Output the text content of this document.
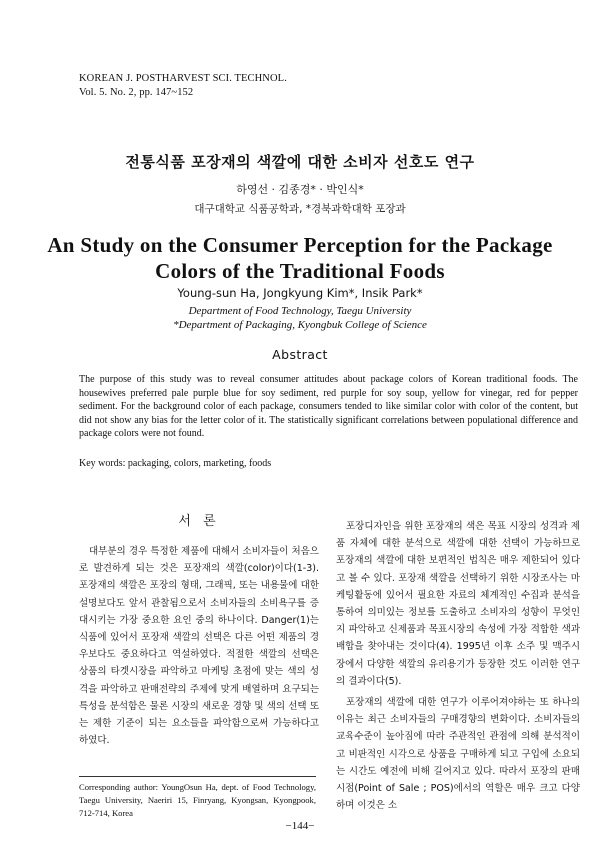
KOREAN J. POSTHARVEST SCI. TECHNOL.
Vol. 5. No. 2, pp. 147~152
전통식품 포장재의 색깔에 대한 소비자 선호도 연구
하영선 · 김종경* · 박인식*
대구대학교 식품공학과, *경북과학대학 포장과
An Study on the Consumer Perception for the Package Colors of the Traditional Foods
Young-sun Ha, Jongkyung Kim*, Insik Park*
Department of Food Technology, Taegu University
*Department of Packaging, Kyongbuk College of Science
Abstract
The purpose of this study was to reveal consumer attitudes about package colors of Korean traditional foods. The housewives preferred pale purple blue for soy sediment, red purple for soy soup, yellow for vinegar, red for pepper sediment. For the background color of each package, consumers tended to like similar color with color of the content, but did not show any bias for the letter color of it. The statistically significant correlations between populational difference and package colors were not found.
Key words: packaging, colors, marketing, foods
서 론

대부분의 경우 특정한 제품에 대해서 소비자들이 처음으로 발견하게 되는 것은 포장재의 색깔(color)이다(1-3). 포장재의 색깔은 포장의 형태, 그래픽, 또는 내용물에 대한 설명보다도 앞서 관찰됨으로서 소비자들의 소비욕구를 증대시키는 가장 중요한 요인 중의 하나이다. Danger(1)는 식품에 있어서 포장재 색깔의 선택은 다른 어떤 제품의 경우보다도 중요하다고 역설하였다. 적절한 색깔의 선택은 상품의 타겟시장을 파악하고 마케팅 초점에 맞는 색의 성격을 파악하고 판매전략의 주제에 맞게 배열하며 요구되는 특성을 분석함은 물론 시장의 새로운 경향 및 색의 선택 또는 제한 기준이 되는 요소들을 파악함으로써 가능하다고 하였다.

포장디자인을 위한 포장재의 색은 목표 시장의 성격과 제품 자체에 대한 분석으로 색깔에 대한 선택이 가능하므로 포장재의 색깔에 대한 보편적인 법칙은 매우 제한되어 있다고 볼 수 있다. 포장재 색깔을 선택하기 위한 시장조사는 마케팅활동에 있어서 필요한 자료의 체계적인 수집과 분석을 통하여 의미있는 정보를 도출하고 소비자의 성향이 무엇인지 파악하고 신제품과 목표시장의 속성에 가장 적합한 색과 배합을 찾아내는 것이다(4). 1995년 이후 소주 및 맥주시장에서 다양한 색깔의 유리용기가 등장한 것도 이러한 연구의 결과이다(5).

포장재의 색깔에 대한 연구가 이루어져야하는 또 하나의 이유는 최근 소비자들의 구매경향의 변화이다. 소비자들의 교육수준이 높아짐에 따라 주관적인 관점에 의해 분석적이고 비판적인 시각으로 상품을 구매하게 되고 구입에 소요되는 시간도 예전에 비해 길어지고 있다. 따라서 포장의 판매시점(Point of Sale ; POS)에서의 역할은 매우 크고 다양하며 이것은 소

Corresponding author: YoungOsun Ha, dept. of Food Technology, Taegu University, Naeriri 15, Finryang, Kyongsan, Kyongpook, 712-714, Korea
−144−
